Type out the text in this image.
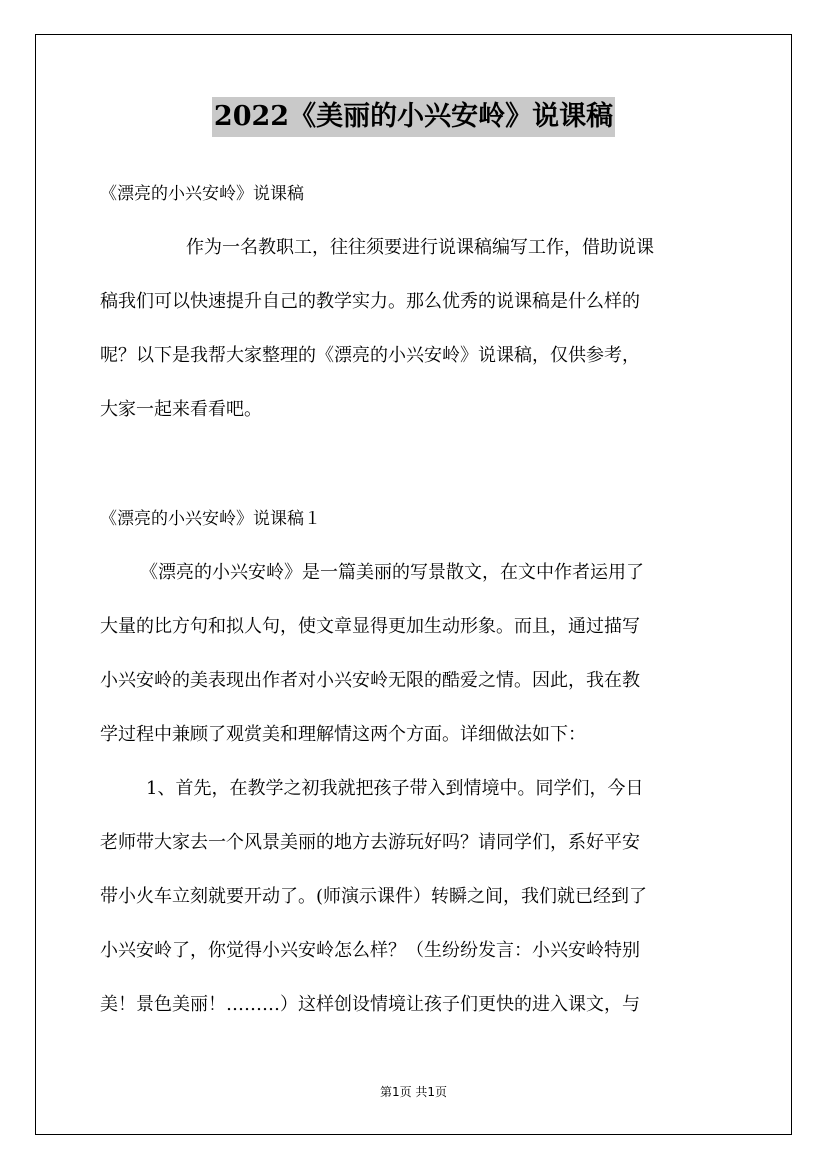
2022《美丽的小兴安岭》说课稿
《漂亮的小兴安岭》说课稿
作为一名教职工，往往须要进行说课稿编写工作，借助说课
稿我们可以快速提升自己的教学实力。那么优秀的说课稿是什么样的
呢？以下是我帮大家整理的《漂亮的小兴安岭》说课稿，仅供参考，
大家一起来看看吧。
《漂亮的小兴安岭》说课稿１
《漂亮的小兴安岭》是一篇美丽的写景散文，在文中作者运用了
大量的比方句和拟人句，使文章显得更加生动形象。而且，通过描写
小兴安岭的美表现出作者对小兴安岭无限的酷爱之情。因此，我在教
学过程中兼顾了观赏美和理解情这两个方面。详细做法如下：
1、首先，在教学之初我就把孩子带入到情境中。同学们，今日
老师带大家去一个风景美丽的地方去游玩好吗？请同学们，系好平安
带小火车立刻就要开动了。(师演示课件）转瞬之间，我们就已经到了
小兴安岭了，你觉得小兴安岭怎么样？（生纷纷发言：小兴安岭特别
美！景色美丽！………）这样创设情境让孩子们更快的进入课文，与
第1页 共1页
